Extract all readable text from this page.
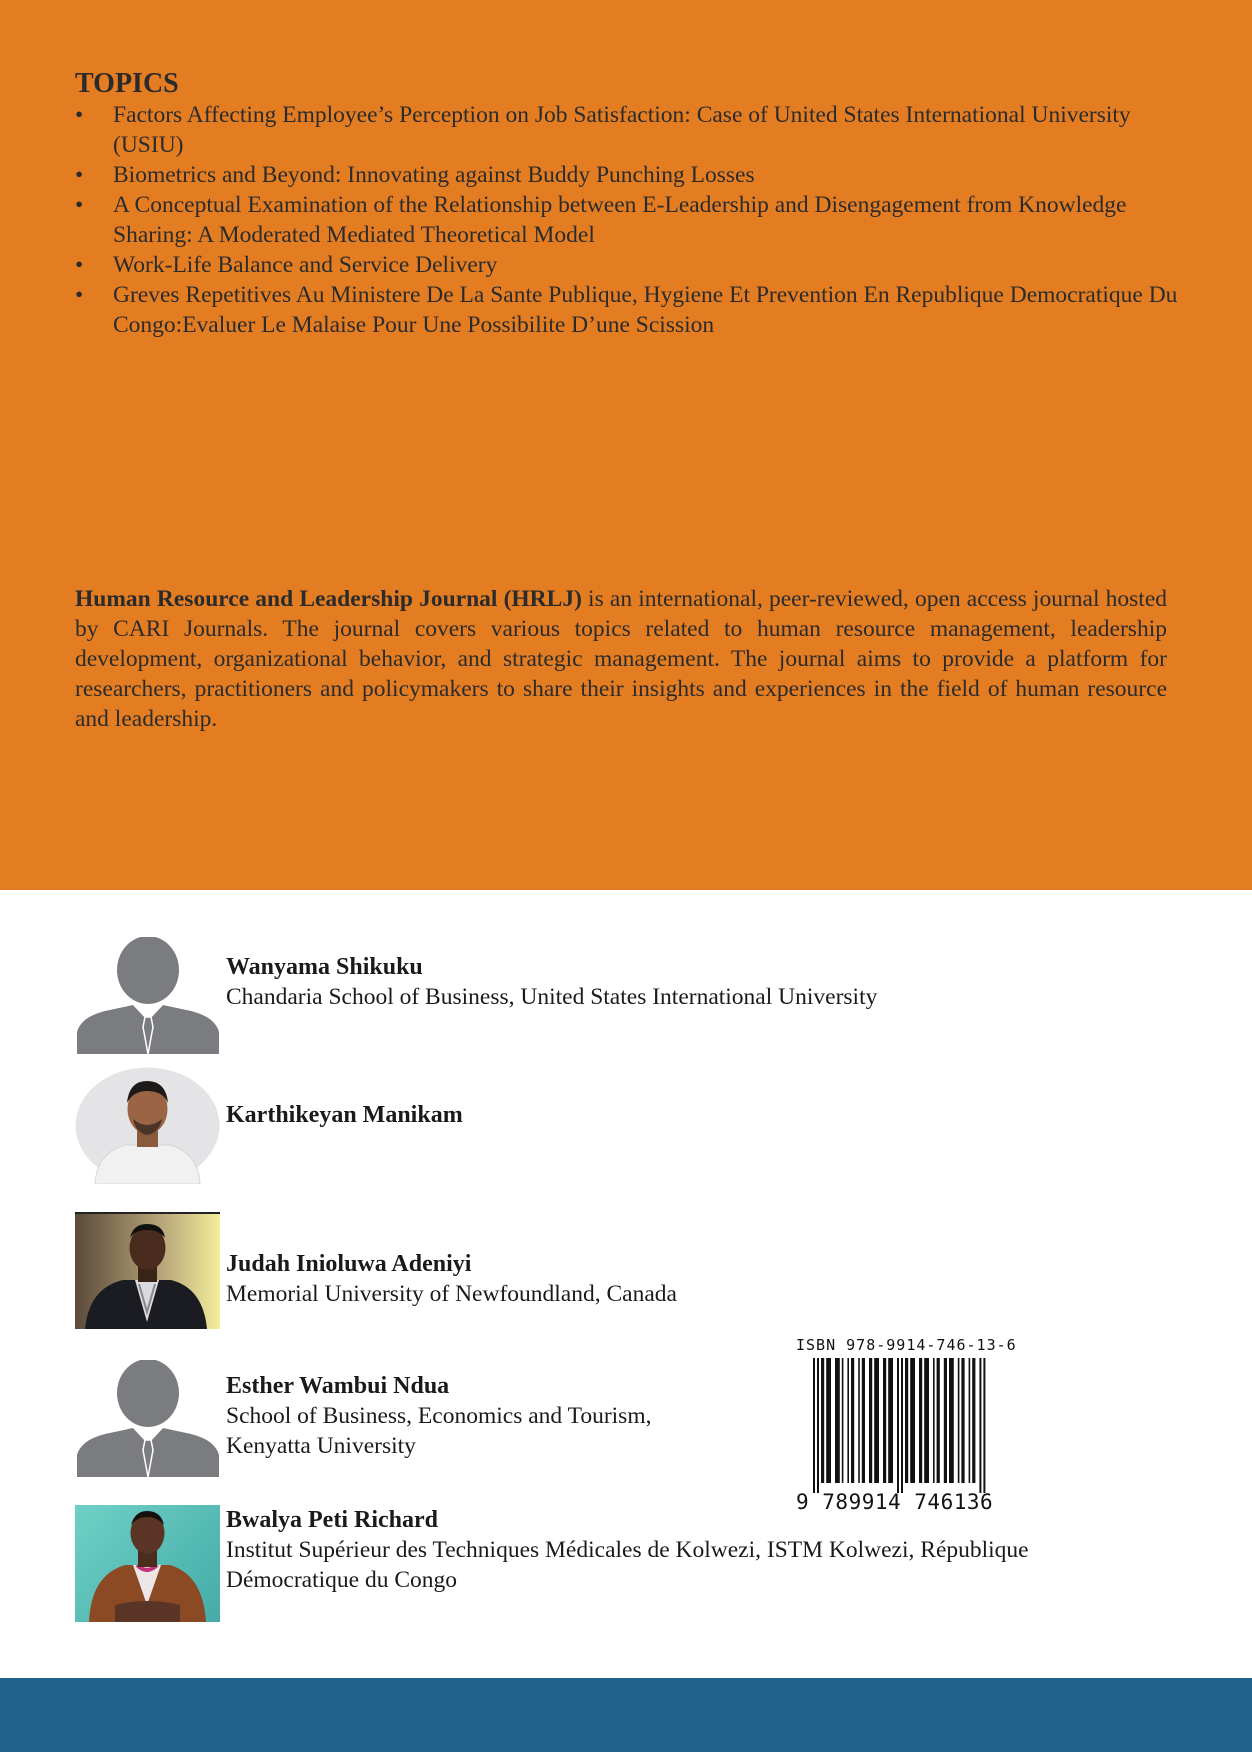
TOPICS
• Factors Affecting Employee’s Perception on Job Satisfaction: Case of United States International University (USIU)
• Biometrics and Beyond: Innovating against Buddy Punching Losses
• A Conceptual Examination of the Relationship between E-Leadership and Disengagement from Knowledge Sharing: A Moderated Mediated Theoretical Model
• Work-Life Balance and Service Delivery
• Greves Repetitives Au Ministere De La Sante Publique, Hygiene Et Prevention En Republique Democratique Du Congo:Evaluer Le Malaise Pour Une Possibilite D’une Scission

Human Resource and Leadership Journal (HRLJ) is an international, peer-reviewed, open access journal hosted by CARI Journals. The journal covers various topics related to human resource management, leadership development, organizational behavior, and strategic management. The journal aims to provide a platform for researchers, practitioners and policymakers to share their insights and experiences in the field of human resource and leadership.

Wanyama Shikuku
Chandaria School of Business, United States International University
Karthikeyan Manikam
Judah Inioluwa Adeniyi
Memorial University of Newfoundland, Canada
Esther Wambui Ndua
School of Business, Economics and Tourism,
Kenyatta University
Bwalya Peti Richard
Institut Supérieur des Techniques Médicales de Kolwezi, ISTM Kolwezi, République
Démocratique du Congo
ISBN 978-9914-746-13-6
9 789914 746136
